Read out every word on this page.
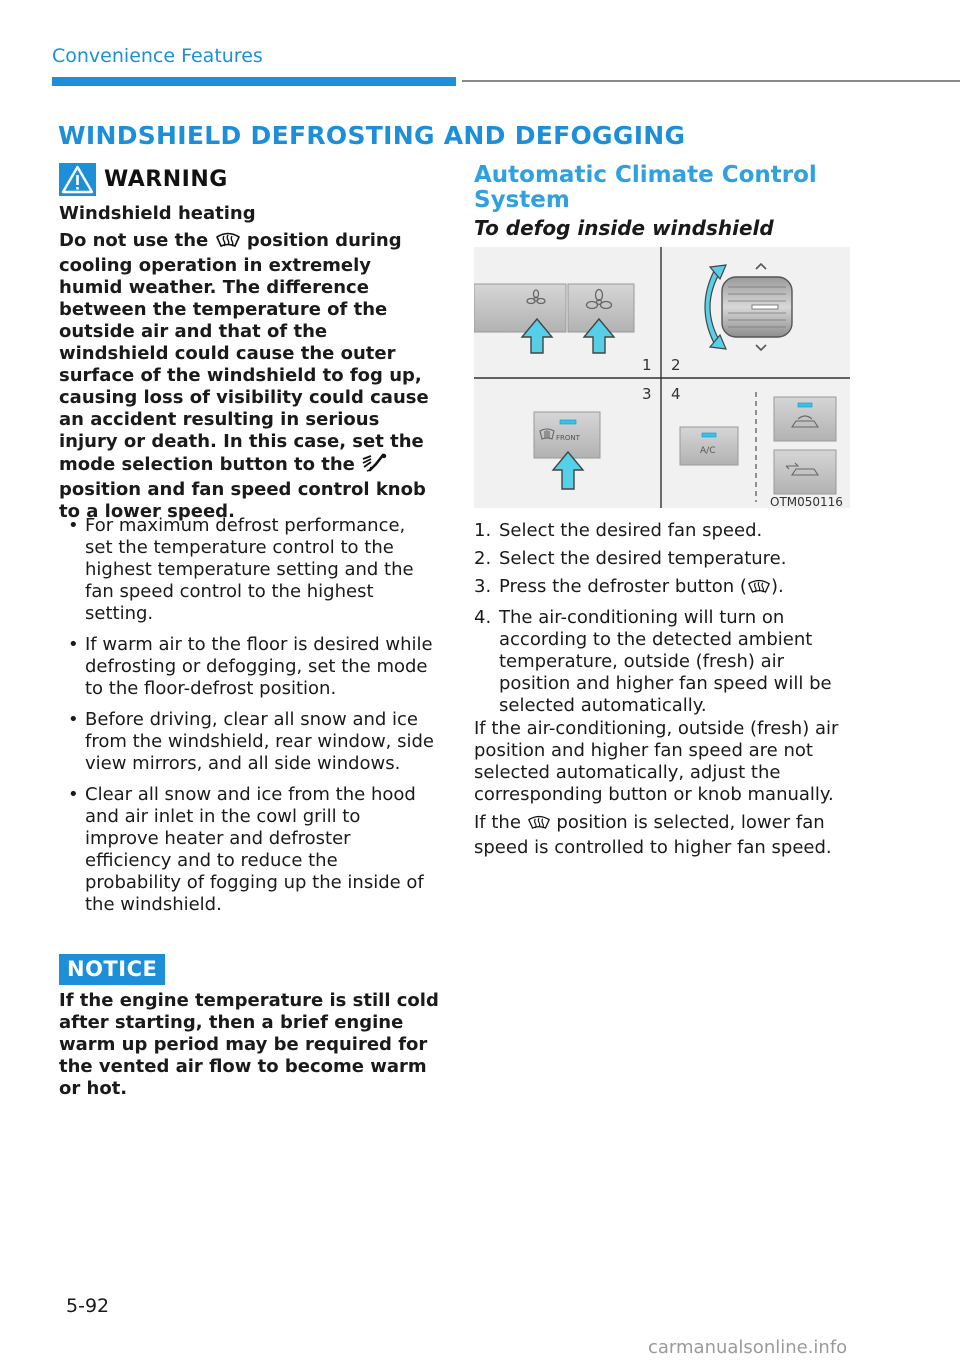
Convenience Features
WINDSHIELD DEFROSTING AND DEFOGGING
WARNING
Windshield heating
Do not use the position during cooling operation in extremely humid weather. The difference between the temperature of the outside air and that of the windshield could cause the outer surface of the windshield to fog up, causing loss of visibility could cause an accident resulting in serious injury or death. In this case, set the mode selection button to the  position and fan speed control knob to a lower speed.
• For maximum defrost performance, set the temperature control to the highest temperature setting and the fan speed control to the highest setting.
• If warm air to the floor is desired while defrosting or defogging, set the mode to the floor-defrost position.
• Before driving, clear all snow and ice from the windshield, rear window, side view mirrors, and all side windows.
• Clear all snow and ice from the hood and air inlet in the cowl grill to improve heater and defroster efficiency and to reduce the probability of fogging up the inside of the windshield.
NOTICE
If the engine temperature is still cold after starting, then a brief engine warm up period may be required for the vented air flow to become warm or hot.
Automatic Climate Control System
To defog inside windshield
1 2
FRONT
3 4
A/C
OTM050116
1. Select the desired fan speed.
2. Select the desired temperature.
3. Press the defroster button ( ).
4. The air-conditioning will turn on according to the detected ambient temperature, outside (fresh) air position and higher fan speed will be selected automatically.
If the air-conditioning, outside (fresh) air position and higher fan speed are not selected automatically, adjust the corresponding button or knob manually.
If the position is selected, lower fan speed is controlled to higher fan speed.
5-92
carmanualsonline.info
